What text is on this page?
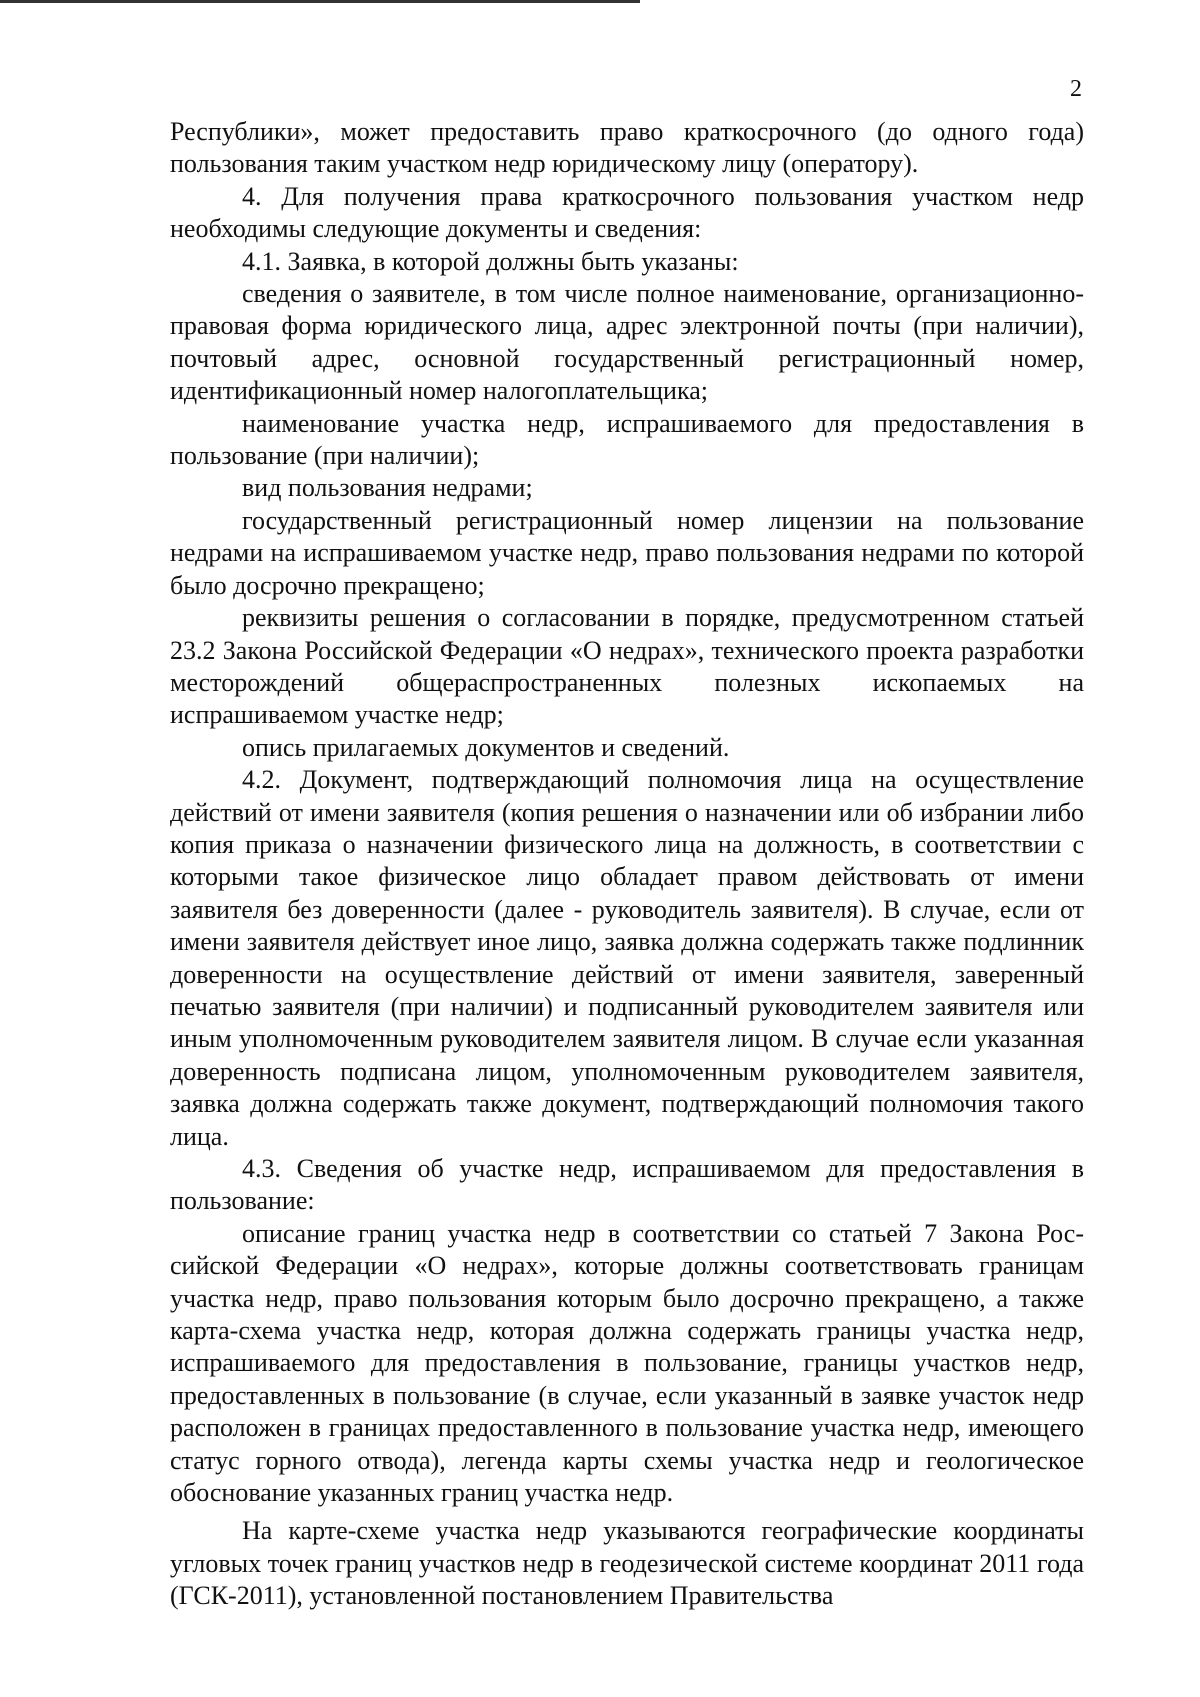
2

Республики», может предоставить право краткосрочного (до одного года) пользования таким участком недр юридическому лицу (оператору).

4. Для получения права краткосрочного пользования участком недр необходимы следующие документы и сведения:

4.1. Заявка, в которой должны быть указаны:

сведения о заявителе, в том числе полное наименование, организационно-правовая форма юридического лица, адрес электронной почты (при наличии), почтовый адрес, основной государственный регистрационный номер, идентификационный номер налогоплательщика;

наименование участка недр, испрашиваемого для предоставления в пользование (при наличии);

вид пользования недрами;

государственный регистрационный номер лицензии на пользование недрами на испрашиваемом участке недр, право пользования недрами по которой было досрочно прекращено;

реквизиты решения о согласовании в порядке, предусмотренном статьей 23.2 Закона Российской Федерации «О недрах», технического проекта разработки месторождений общераспространенных полезных ископаемых на испрашиваемом участке недр;

опись прилагаемых документов и сведений.

4.2. Документ, подтверждающий полномочия лица на осуществление действий от имени заявителя (копия решения о назначении или об избрании либо копия приказа о назначении физического лица на должность, в соответствии с которыми такое физическое лицо обладает правом действовать от имени заявителя без доверенности (далее - руководитель заявителя). В случае, если от имени заявителя действует иное лицо, заявка должна содержать также подлинник доверенности на осуществление действий от имени заявителя, заверенный печатью заявителя (при наличии) и подписанный руководителем заявителя или иным уполномоченным руководителем заявителя лицом. В случае если указанная доверенность подписана лицом, уполномоченным руководителем заявителя, заявка должна содержать также документ, подтверждающий полномочия такого лица.

4.3. Сведения об участке недр, испрашиваемом для предоставления в пользование:

описание границ участка недр в соответствии со статьей 7 Закона Российской Федерации «О недрах», которые должны соответствовать границам участка недр, право пользования которым было досрочно прекращено, а также карта-схема участка недр, которая должна содержать границы участка недр, испрашиваемого для предоставления в пользование, границы участков недр, предоставленных в пользование (в случае, если указанный в заявке участок недр расположен в границах предоставленного в пользование участка недр, имеющего статус горного отвода), легенда карты схемы участка недр и геологическое обоснование указанных границ участка недр.

На карте-схеме участка недр указываются географические координаты угловых точек границ участков недр в геодезической системе координат 2011 года (ГСК-2011), установленной постановлением Правительства
